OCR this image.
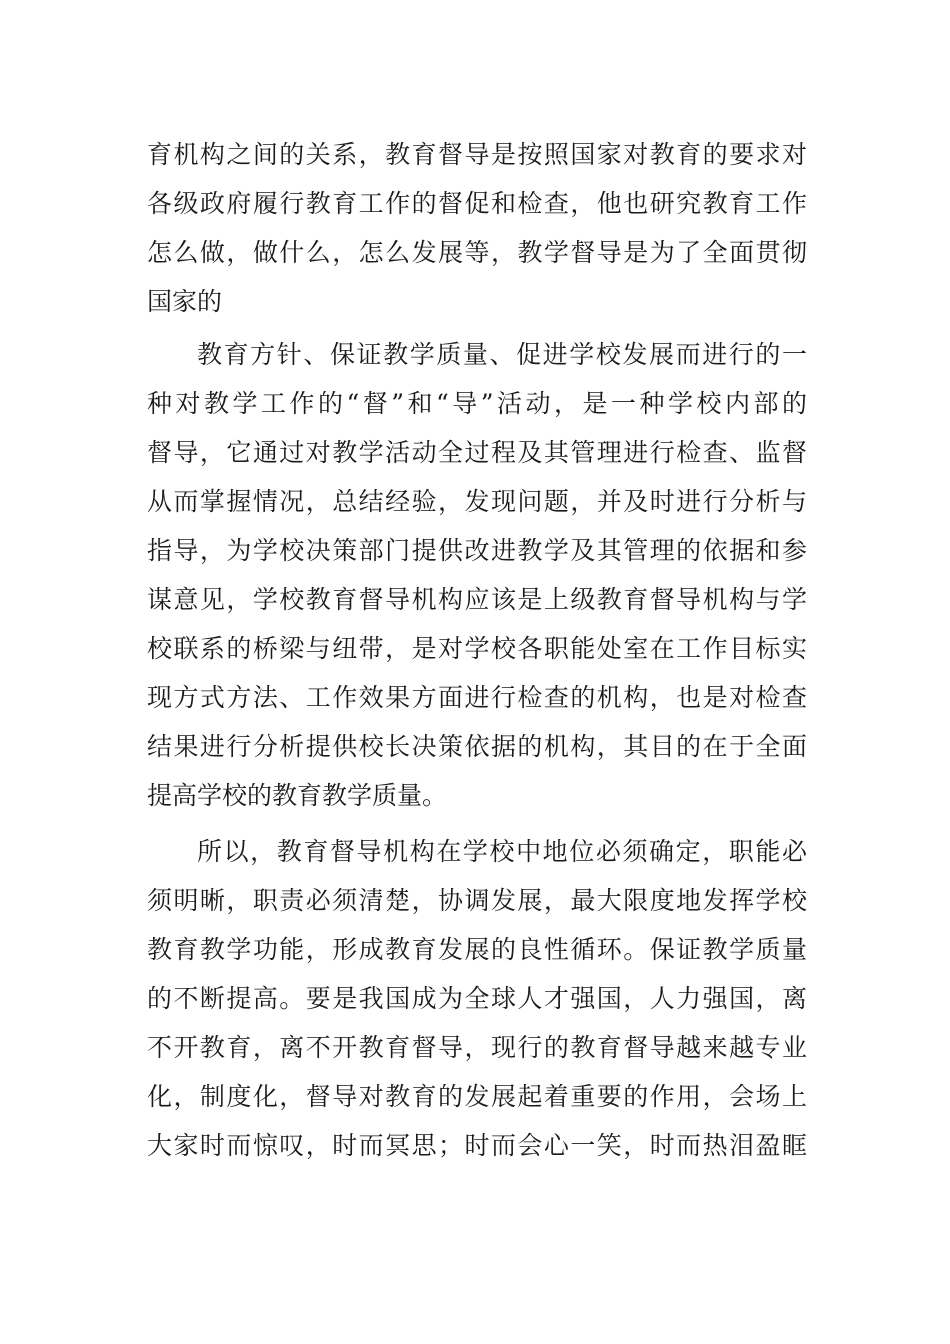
育机构之间的关系，教育督导是按照国家对教育的要求对
各级政府履行教育工作的督促和检查，他也研究教育工作
怎么做，做什么，怎么发展等，教学督导是为了全面贯彻
国家的
教育方针、保证教学质量、促进学校发展而进行的一
种对教学工作的“督”和“导”活动，是一种学校内部的
督导，它通过对教学活动全过程及其管理进行检查、监督
从而掌握情况，总结经验，发现问题，并及时进行分析与
指导，为学校决策部门提供改进教学及其管理的依据和参
谋意见，学校教育督导机构应该是上级教育督导机构与学
校联系的桥梁与纽带，是对学校各职能处室在工作目标实
现方式方法、工作效果方面进行检查的机构，也是对检查
结果进行分析提供校长决策依据的机构，其目的在于全面
提高学校的教育教学质量。
所以，教育督导机构在学校中地位必须确定，职能必
须明晰，职责必须清楚，协调发展，最大限度地发挥学校
教育教学功能，形成教育发展的良性循环。保证教学质量
的不断提高。要是我国成为全球人才强国，人力强国，离
不开教育，离不开教育督导，现行的教育督导越来越专业
化，制度化，督导对教育的发展起着重要的作用，会场上
大家时而惊叹，时而冥思；时而会心一笑，时而热泪盈眶
